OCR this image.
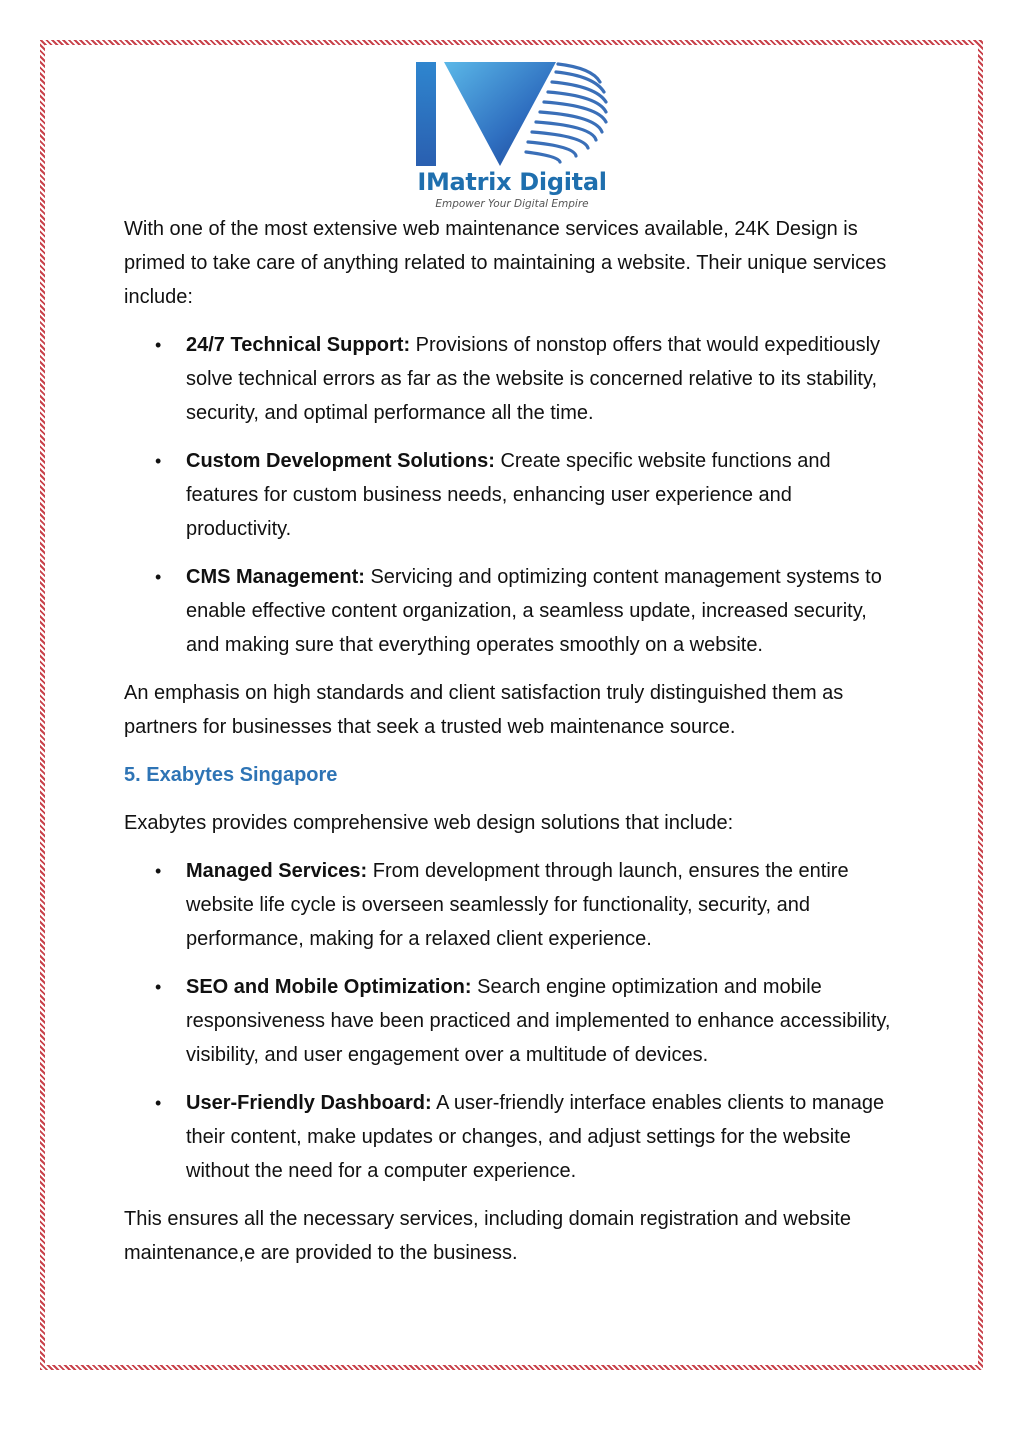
IMatrix Digital
Empower Your Digital Empire

With one of the most extensive web maintenance services available, 24K Design is primed to take care of anything related to maintaining a website. Their unique services include:

• 24/7 Technical Support: Provisions of nonstop offers that would expeditiously solve technical errors as far as the website is concerned relative to its stability, security, and optimal performance all the time.
• Custom Development Solutions: Create specific website functions and features for custom business needs, enhancing user experience and productivity.
• CMS Management: Servicing and optimizing content management systems to enable effective content organization, a seamless update, increased security, and making sure that everything operates smoothly on a website.

An emphasis on high standards and client satisfaction truly distinguished them as partners for businesses that seek a trusted web maintenance source.

5. Exabytes Singapore

Exabytes provides comprehensive web design solutions that include:

• Managed Services: From development through launch, ensures the entire website life cycle is overseen seamlessly for functionality, security, and performance, making for a relaxed client experience.
• SEO and Mobile Optimization: Search engine optimization and mobile responsiveness have been practiced and implemented to enhance accessibility, visibility, and user engagement over a multitude of devices.
• User-Friendly Dashboard: A user-friendly interface enables clients to manage their content, make updates or changes, and adjust settings for the website without the need for a computer experience.

This ensures all the necessary services, including domain registration and website maintenance,e are provided to the business.
